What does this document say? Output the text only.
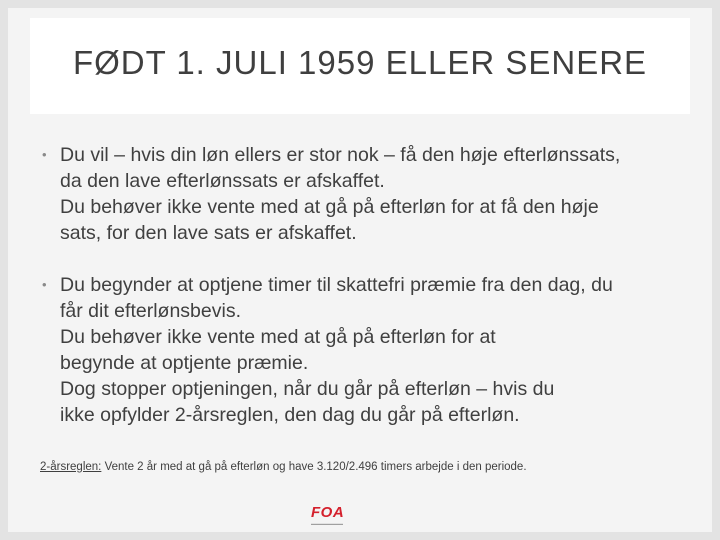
FØDT 1. JULI 1959 ELLER SENERE
• Du vil – hvis din løn ellers er stor nok – få den høje efterlønssats,
da den lave efterlønssats er afskaffet.
Du behøver ikke vente med at gå på efterløn for at få den høje
sats, for den lave sats er afskaffet.
• Du begynder at optjene timer til skattefri præmie fra den dag, du
får dit efterlønsbevis.
Du behøver ikke vente med at gå på efterløn for at
begynde at optjente præmie.
Dog stopper optjeningen, når du går på efterløn – hvis du
ikke opfylder 2-årsreglen, den dag du går på efterløn.
2-årsreglen: Vente 2 år med at gå på efterløn og have 3.120/2.496 timers arbejde i den periode.
FOA
▬▬▬▬▬▬▬▬
